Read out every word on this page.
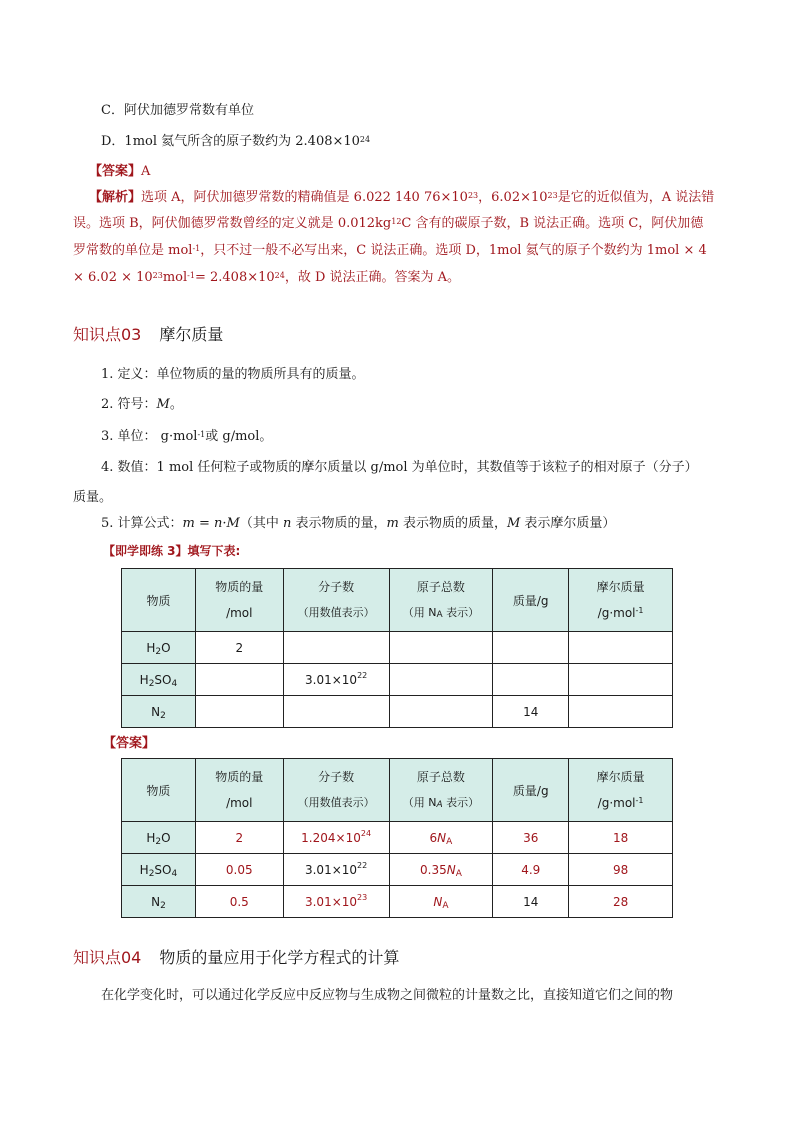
C．阿伏加德罗常数有单位
D．1mol 氦气所含的原子数约为 $2.408\times 10^{24}$
【答案】A
【解析】选项 A，阿伏加德罗常数的精确值是 6.022 140 $76\times 10^{23}$，$6.02\times 10^{23}$是它的近似值为，A 说法错
误。选项 B，阿伏伽德罗常数曾经的定义就是 $0.012kg^{12}C$ 含有的碳原子数，B 说法正确。选项 C，阿伏加德
罗常数的单位是 mol$^{-1}$，只不过一般不必写出来，C 说法正确。选项 D，1mol 氦气的原子个数约为 1mol × 4
× $6.02 \times 10^{23}mol^{-1}= 2.408\times 10^{24}$，故 D 说法正确。答案为 A。
知识点03 摩尔质量
1. 定义：单位物质的量的物质所具有的质量。
2. 符号：M。
3. 单位： g·mol$^{-1}$或 g/mol。
4. 数值：1 mol 任何粒子或物质的摩尔质量以 g/mol 为单位时，其数值等于该粒子的相对原子（分子）
质量。
5. 计算公式：m = n·M（其中 n 表示物质的量，m 表示物质的质量，M 表示摩尔质量）
【即学即练 3】填写下表:
物质	物质的量
/mol	分子数
（用数值表示）	原子总数
（用 $N_A$ 表示）	质量/g	摩尔质量
/g·mol$^{-1}$

$H_2O$	2				
$H_2SO_4$		$3.01\times 10^{22}$			
$N_2$				14	
【答案】
物质	物质的量
/mol	分子数
（用数值表示）	原子总数
（用 $N_A$ 表示）	质量/g	摩尔质量
/g·mol$^{-1}$

$H_2O$	2	$1.204\times 10^{24}$	$6N_A$	36	18
$H_2SO_4$	0.05	$3.01\times 10^{22}$	$0.35N_A$	4.9	98
$N_2$	0.5	$3.01\times 10^{23}$	$N_A$	14	28
知识点04 物质的量应用于化学方程式的计算
在化学变化时，可以通过化学反应中反应物与生成物之间微粒的计量数之比，直接知道它们之间的物
